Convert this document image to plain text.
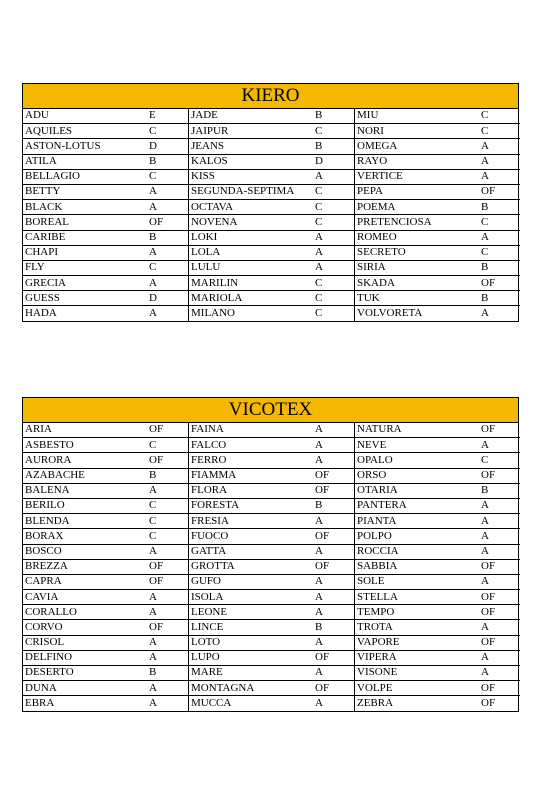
KIERO
ADU	E	JADE	B	MIU	C
AQUILES	C	JAIPUR	C	NORI	C
ASTON-LOTUS	D	JEANS	B	OMEGA	A
ATILA	B	KALOS	D	RAYO	A
BELLAGIO	C	KISS	A	VERTICE	A
BETTY	A	SEGUNDA-SEPTIMA	C	PEPA	OF
BLACK	A	OCTAVA	C	POEMA	B
BOREAL	OF	NOVENA	C	PRETENCIOSA	C
CARIBE	B	LOKI	A	ROMEO	A
CHAPI	A	LOLA	A	SECRETO	C
FLY	C	LULU	A	SIRIA	B
GRECIA	A	MARILIN	C	SKADA	OF
GUESS	D	MARIOLA	C	TUK	B
HADA	A	MILANO	C	VOLVORETA	A
VICOTEX
ARIA	OF	FAINA	A	NATURA	OF
ASBESTO	C	FALCO	A	NEVE	A
AURORA	OF	FERRO	A	OPALO	C
AZABACHE	B	FIAMMA	OF	ORSO	OF
BALENA	A	FLORA	OF	OTARIA	B
BERILO	C	FORESTA	B	PANTERA	A
BLENDA	C	FRESIA	A	PIANTA	A
BORAX	C	FUOCO	OF	POLPO	A
BOSCO	A	GATTA	A	ROCCIA	A
BREZZA	OF	GROTTA	OF	SABBIA	OF
CAPRA	OF	GUFO	A	SOLE	A
CAVIA	A	ISOLA	A	STELLA	OF
CORALLO	A	LEONE	A	TEMPO	OF
CORVO	OF	LINCE	B	TROTA	A
CRISOL	A	LOTO	A	VAPORE	OF
DELFINO	A	LUPO	OF	VIPERA	A
DESERTO	B	MARE	A	VISONE	A
DUNA	A	MONTAGNA	OF	VOLPE	OF
EBRA	A	MUCCA	A	ZEBRA	OF
